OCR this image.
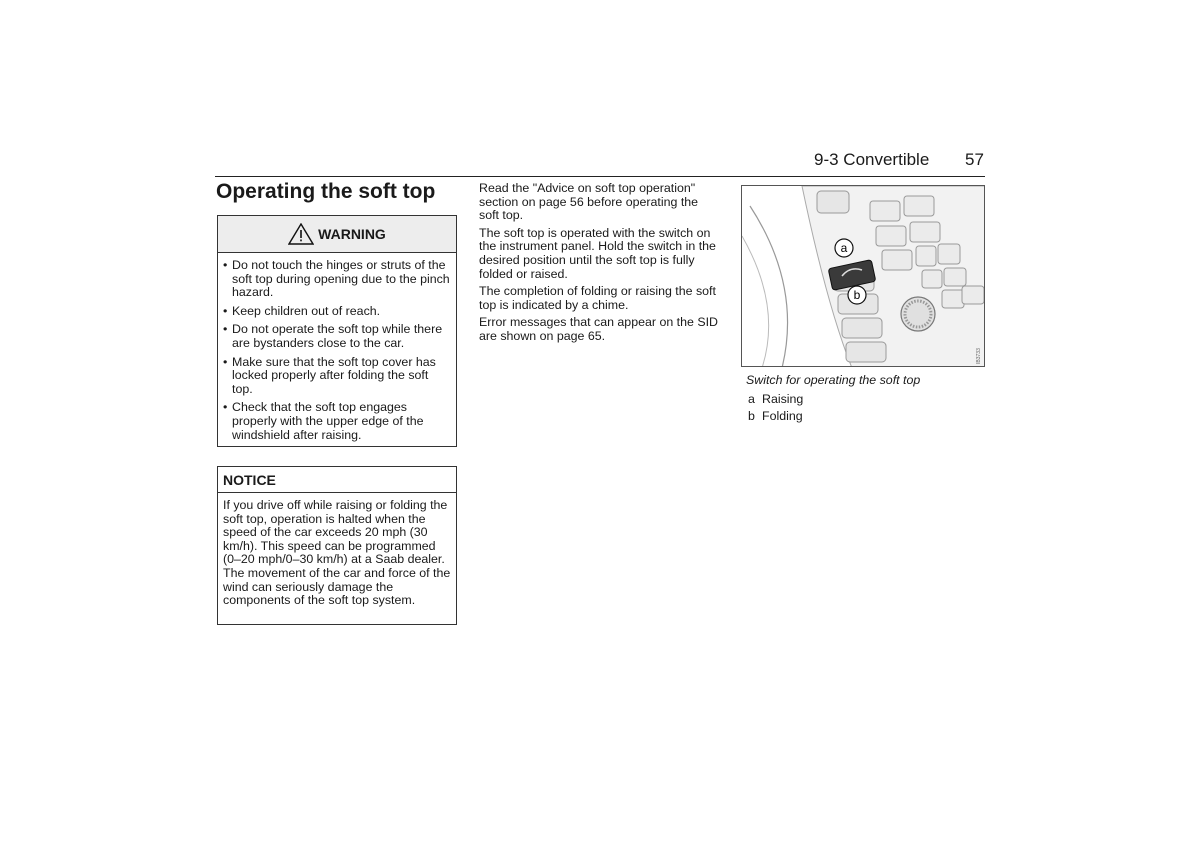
9-3 Convertible 57
Operating the soft top
WARNING
• Do not touch the hinges or struts of the soft top during opening due to the pinch hazard.
• Keep children out of reach.
• Do not operate the soft top while there are bystanders close to the car.
• Make sure that the soft top cover has locked properly after folding the soft top.
• Check that the soft top engages properly with the upper edge of the windshield after raising.
NOTICE
If you drive off while raising or folding the soft top, operation is halted when the speed of the car exceeds 20 mph (30 km/h). This speed can be programmed (0–20 mph/0–30 km/h) at a Saab dealer. The movement of the car and force of the wind can seriously damage the components of the soft top system.

Read the "Advice on soft top operation" section on page 56 before operating the soft top.

The soft top is operated with the switch on the instrument panel. Hold the switch in the desired position until the soft top is fully folded or raised.

The completion of folding or raising the soft top is indicated by a chime.

Error messages that can appear on the SID are shown on page 65.

a
b
IB3733
Switch for operating the soft top
a Raising
b Folding
